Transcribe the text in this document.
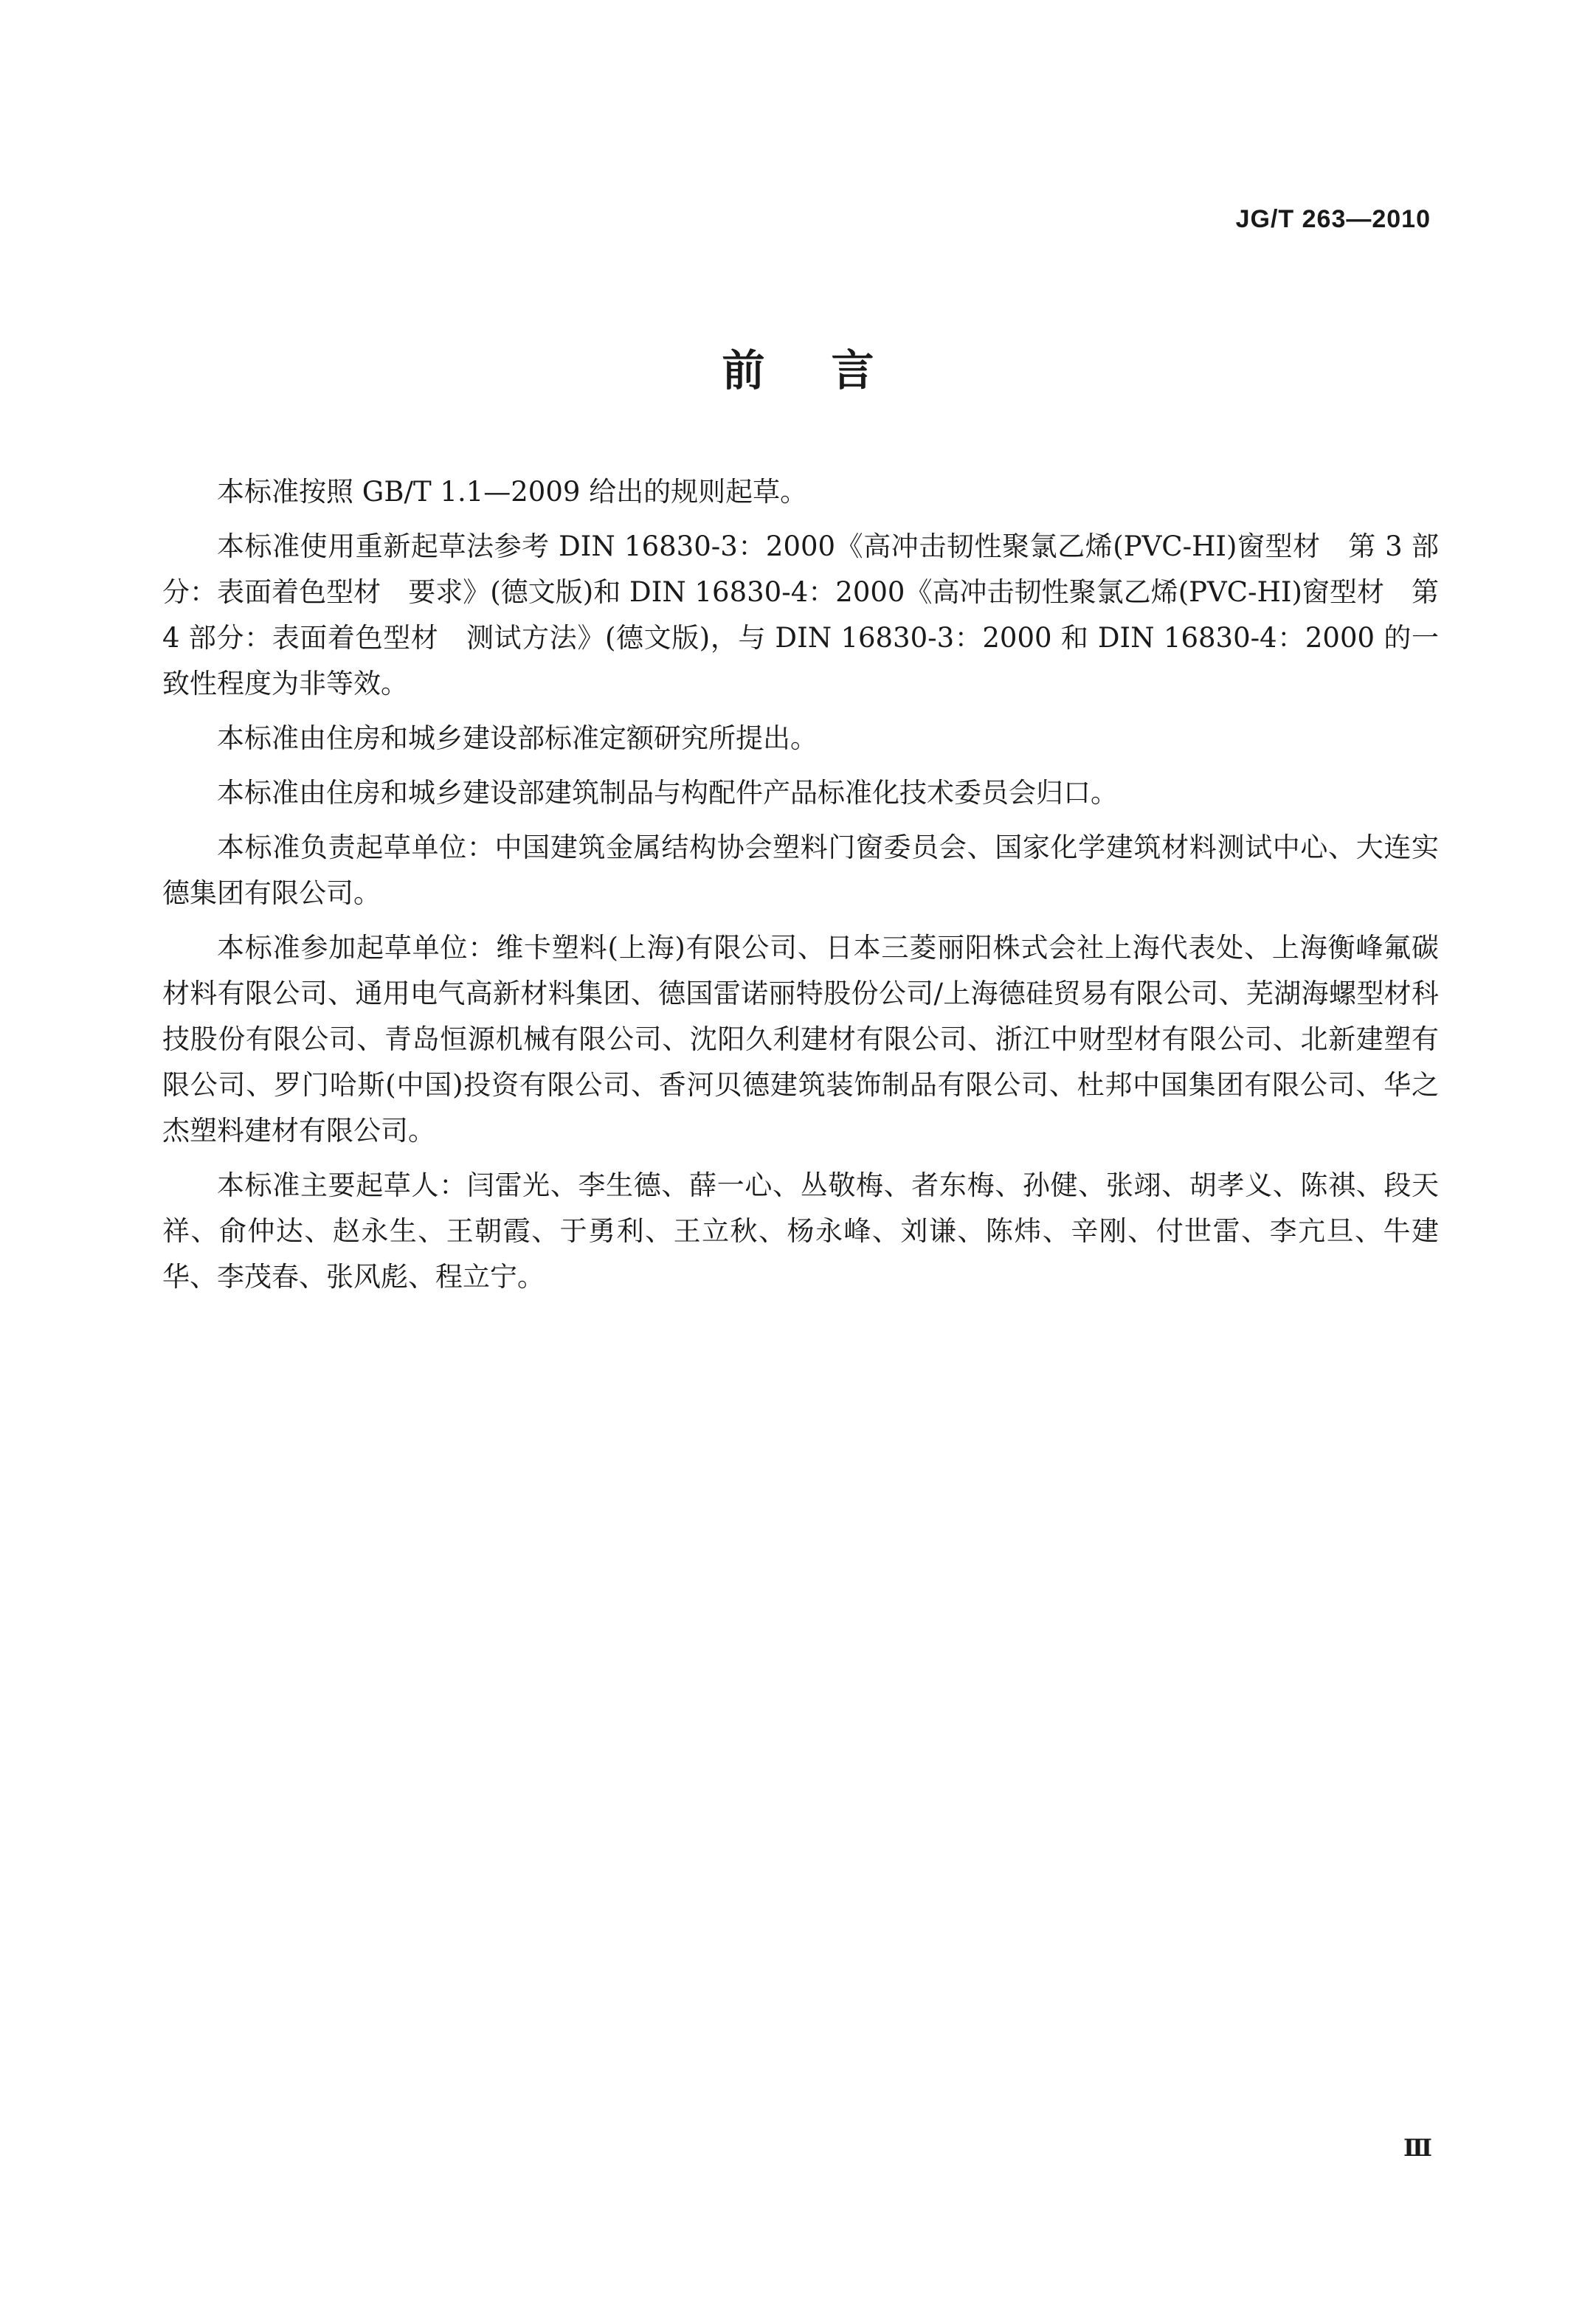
JG/T 263—2010
前言

本标准按照 GB/T 1.1—2009 给出的规则起草。

本标准使用重新起草法参考 DIN 16830-3：2000《高冲击韧性聚氯乙烯(PVC-HI)窗型材　第 3 部分：表面着色型材　要求》(德文版)和 DIN 16830-4：2000《高冲击韧性聚氯乙烯(PVC-HI)窗型材　第 4 部分：表面着色型材　测试方法》(德文版)，与 DIN 16830-3：2000 和 DIN 16830-4：2000 的一致性程度为非等效。

本标准由住房和城乡建设部标准定额研究所提出。

本标准由住房和城乡建设部建筑制品与构配件产品标准化技术委员会归口。

本标准负责起草单位：中国建筑金属结构协会塑料门窗委员会、国家化学建筑材料测试中心、大连实德集团有限公司。

本标准参加起草单位：维卡塑料(上海)有限公司、日本三菱丽阳株式会社上海代表处、上海衡峰氟碳材料有限公司、通用电气高新材料集团、德国雷诺丽特股份公司/上海德硅贸易有限公司、芜湖海螺型材科技股份有限公司、青岛恒源机械有限公司、沈阳久利建材有限公司、浙江中财型材有限公司、北新建塑有限公司、罗门哈斯(中国)投资有限公司、香河贝德建筑装饰制品有限公司、杜邦中国集团有限公司、华之杰塑料建材有限公司。

本标准主要起草人：闫雷光、李生德、薛一心、丛敬梅、者东梅、孙健、张翊、胡孝义、陈祺、段天祥、俞仲达、赵永生、王朝霞、于勇利、王立秋、杨永峰、刘谦、陈炜、辛刚、付世雷、李亢旦、牛建华、李茂春、张风彪、程立宁。

Ⅲ
